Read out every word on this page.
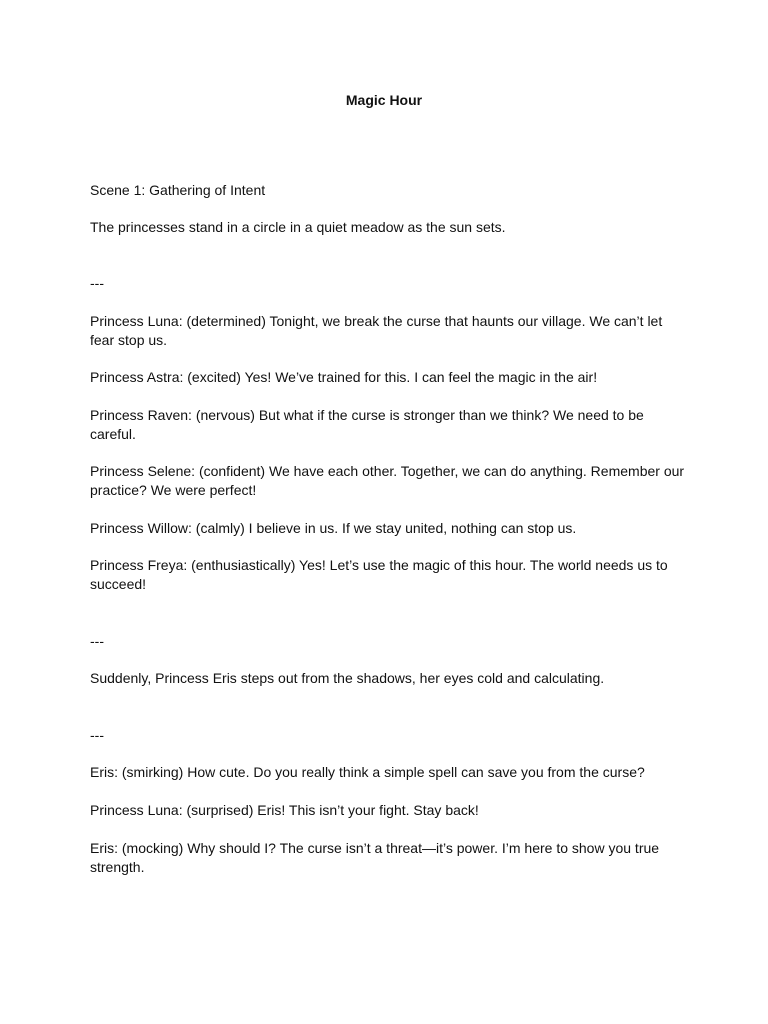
Magic Hour

Scene 1: Gathering of Intent

The princesses stand in a circle in a quiet meadow as the sun sets.

---

Princess Luna: (determined) Tonight, we break the curse that haunts our village. We can’t let fear stop us.

Princess Astra: (excited) Yes! We’ve trained for this. I can feel the magic in the air!

Princess Raven: (nervous) But what if the curse is stronger than we think? We need to be careful.

Princess Selene: (confident) We have each other. Together, we can do anything. Remember our practice? We were perfect!

Princess Willow: (calmly) I believe in us. If we stay united, nothing can stop us.

Princess Freya: (enthusiastically) Yes! Let’s use the magic of this hour. The world needs us to succeed!

---

Suddenly, Princess Eris steps out from the shadows, her eyes cold and calculating.

---

Eris: (smirking) How cute. Do you really think a simple spell can save you from the curse?

Princess Luna: (surprised) Eris! This isn’t your fight. Stay back!

Eris: (mocking) Why should I? The curse isn’t a threat—it’s power. I’m here to show you true strength.
